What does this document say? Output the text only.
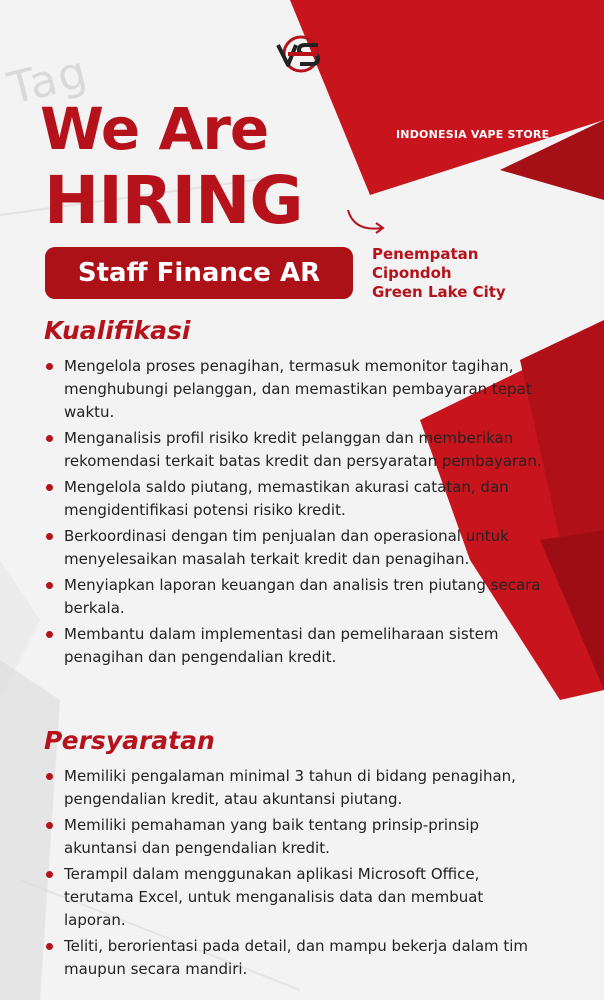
Tag
INDONESIA VAPE STORE
We Are
HIRING
Staff Finance AR
Penempatan
Cipondoh
Green Lake City
Kualifikasi
Mengelola proses penagihan, termasuk memonitor tagihan, menghubungi pelanggan, dan memastikan pembayaran tepat waktu.
Menganalisis profil risiko kredit pelanggan dan memberikan rekomendasi terkait batas kredit dan persyaratan pembayaran.
Mengelola saldo piutang, memastikan akurasi catatan, dan mengidentifikasi potensi risiko kredit.
Berkoordinasi dengan tim penjualan dan operasional untuk menyelesaikan masalah terkait kredit dan penagihan.
Menyiapkan laporan keuangan dan analisis tren piutang secara berkala.
Membantu dalam implementasi dan pemeliharaan sistem penagihan dan pengendalian kredit.
Persyaratan
Memiliki pengalaman minimal 3 tahun di bidang penagihan, pengendalian kredit, atau akuntansi piutang.
Memiliki pemahaman yang baik tentang prinsip-prinsip akuntansi dan pengendalian kredit.
Terampil dalam menggunakan aplikasi Microsoft Office, terutama Excel, untuk menganalisis data dan membuat laporan.
Teliti, berorientasi pada detail, dan mampu bekerja dalam tim maupun secara mandiri.
